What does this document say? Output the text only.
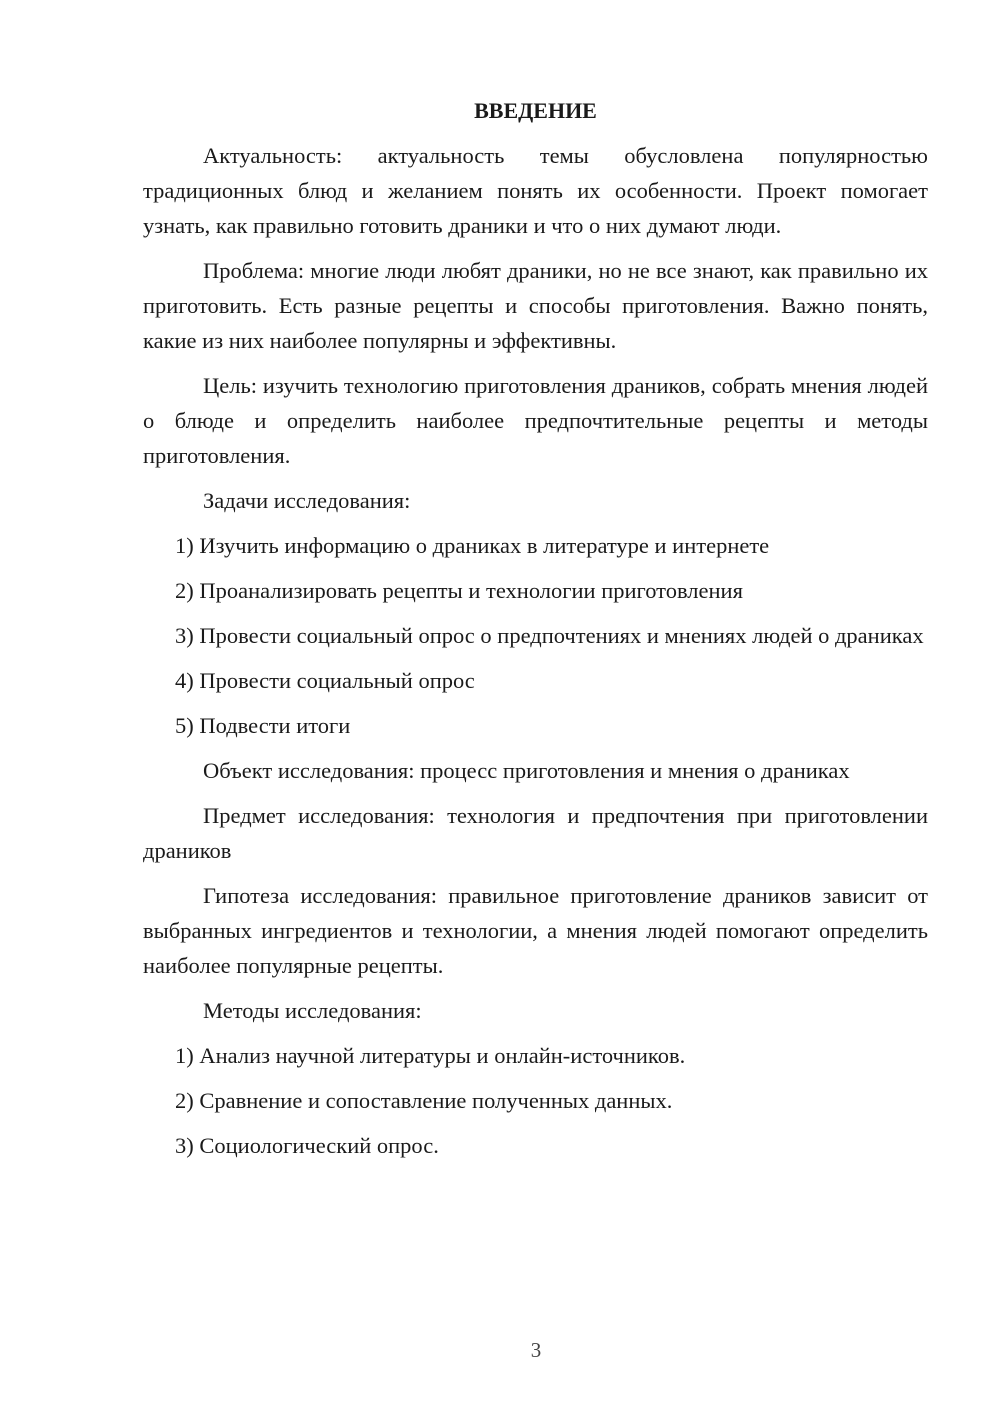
ВВЕДЕНИЕ
Актуальность: актуальность темы обусловлена популярностью традиционных блюд и желанием понять их особенности. Проект помогает узнать, как правильно готовить драники и что о них думают люди.
Проблема: многие люди любят драники, но не все знают, как правильно их приготовить. Есть разные рецепты и способы приготовления. Важно понять, какие из них наиболее популярны и эффективны.
Цель: изучить технологию приготовления драников, собрать мнения людей о блюде и определить наиболее предпочтительные рецепты и методы приготовления.
Задачи исследования:
1) Изучить информацию о драниках в литературе и интернете
2) Проанализировать рецепты и технологии приготовления
3) Провести социальный опрос о предпочтениях и мнениях людей о драниках
4) Провести социальный опрос
5) Подвести итоги
Объект исследования: процесс приготовления и мнения о драниках
Предмет исследования: технология и предпочтения при приготовлении драников
Гипотеза исследования: правильное приготовление драников зависит от выбранных ингредиентов и технологии, а мнения людей помогают определить наиболее популярные рецепты.
Методы исследования:
1) Анализ научной литературы и онлайн-источников.
2) Сравнение и сопоставление полученных данных.
3) Социологический опрос.
3
